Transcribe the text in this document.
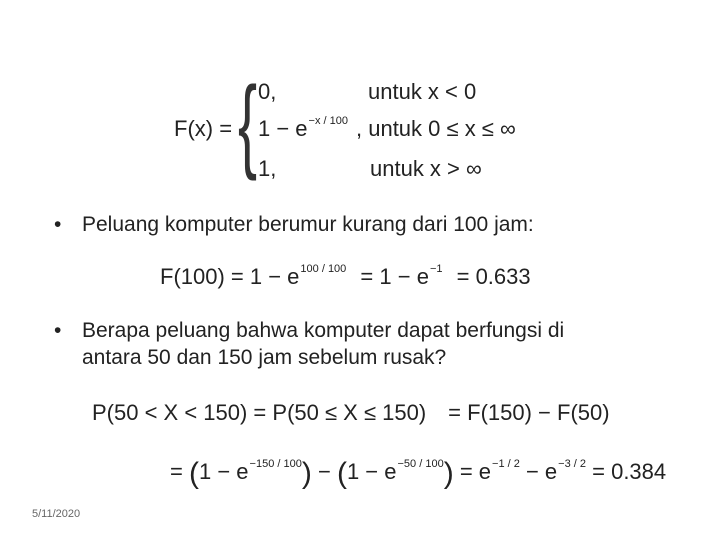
F(x) = { 0,	untuk x < 0
$1 - e^{-x / 100}$ , untuk 0 ≤ x ≤ ∞
1,	untuk x > ∞
• Peluang komputer berumur kurang dari 100 jam:
$F(100) = 1 - e^{100 / 100} = 1 - e^{-1} = 0.633$
• Berapa peluang bahwa komputer dapat berfungsi di
antara 50 dan 150 jam sebelum rusak?
P(50 < X < 150) = P(50 ≤ X ≤ 150) = F(150) − F(50)
= $(1 - e^{-150 / 100}) - (1 - e^{-50 / 100}) = e^{-1 / 2} - e^{-3 / 2} = 0.384$
5/11/2020
